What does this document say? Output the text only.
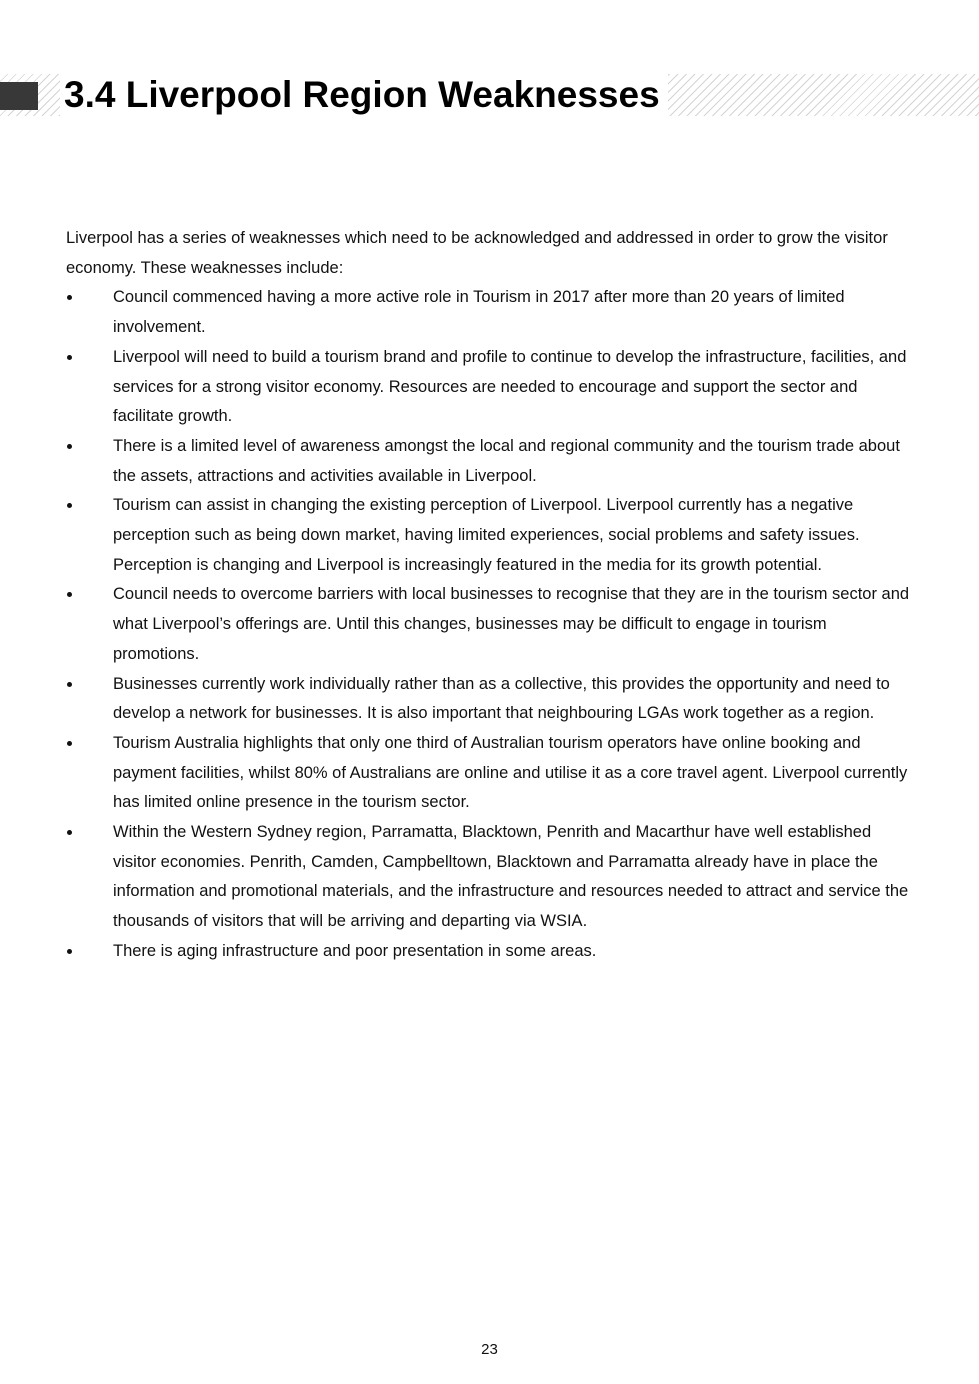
3.4 Liverpool Region Weaknesses

Liverpool has a series of weaknesses which need to be acknowledged and addressed in order to grow the visitor economy. These weaknesses include:

Council commenced having a more active role in Tourism in 2017 after more than 20 years of limited involvement.
Liverpool will need to build a tourism brand and profile to continue to develop the infrastructure, facilities, and services for a strong visitor economy. Resources are needed to encourage and support the sector and facilitate growth.
There is a limited level of awareness amongst the local and regional community and the tourism trade about the assets, attractions and activities available in Liverpool.
Tourism can assist in changing the existing perception of Liverpool. Liverpool currently has a negative perception such as being down market, having limited experiences, social problems and safety issues. Perception is changing and Liverpool is increasingly featured in the media for its growth potential.
Council needs to overcome barriers with local businesses to recognise that they are in the tourism sector and what Liverpool’s offerings are. Until this changes, businesses may be difficult to engage in tourism promotions.
Businesses currently work individually rather than as a collective, this provides the opportunity and need to develop a network for businesses. It is also important that neighbouring LGAs work together as a region.
Tourism Australia highlights that only one third of Australian tourism operators have online booking and payment facilities, whilst 80% of Australians are online and utilise it as a core travel agent. Liverpool currently has limited online presence in the tourism sector.
Within the Western Sydney region, Parramatta, Blacktown, Penrith and Macarthur have well established visitor economies. Penrith, Camden, Campbelltown, Blacktown and Parramatta already have in place the information and promotional materials, and the infrastructure and resources needed to attract and service the thousands of visitors that will be arriving and departing via WSIA.
There is aging infrastructure and poor presentation in some areas.
23
